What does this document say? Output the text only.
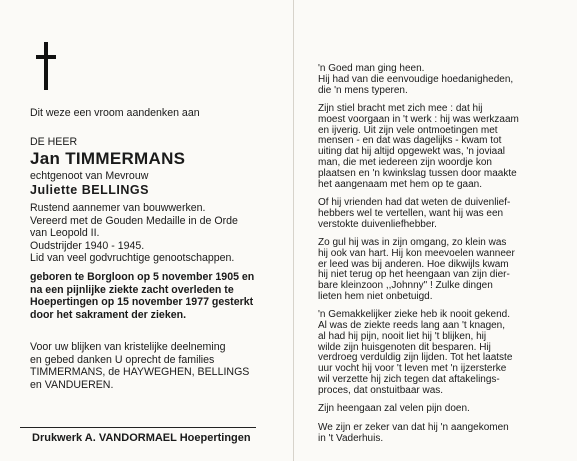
Dit weze een vroom aandenken aan
DE HEER
Jan TIMMERMANS
echtgenoot van Mevrouw
Juliette BELLINGS
Rustend aannemer van bouwwerken.
Vereerd met de Gouden Medaille in de Orde
van Leopold II.
Oudstrijder 1940 - 1945.
Lid van veel godvruchtige genootschappen.
geboren te Borgloon op 5 november 1905 en
na een pijnlijke ziekte zacht overleden te
Hoepertingen op 15 november 1977 gesterkt
door het sakrament der zieken.
Voor uw blijken van kristelijke deelneming
en gebed danken U oprecht de families
TIMMERMANS, de HAYWEGHEN, BELLINGS
en VANDUEREN.
Drukwerk A. VANDORMAEL Hoepertingen
'n Goed man ging heen.
Hij had van die eenvoudige hoedanigheden,
die 'n mens typeren.
Zijn stiel bracht met zich mee : dat hij
moest voorgaan in 't werk : hij was werkzaam
en ijverig. Uit zijn vele ontmoetingen met
mensen - en dat was dagelijks - kwam tot
uiting dat hij altijd opgewekt was, 'n joviaal
man, die met iedereen zijn woordje kon
plaatsen en 'n kwinkslag tussen door maakte
het aangenaam met hem op te gaan.
Of hij vrienden had dat weten de duivenlief-
hebbers wel te vertellen, want hij was een
verstokte duivenliefhebber.
Zo gul hij was in zijn omgang, zo klein was
hij ook van hart. Hij kon meevoelen wanneer
er leed was bij anderen. Hoe dikwijls kwam
hij niet terug op het heengaan van zijn dier-
bare kleinzoon ,,Johnny" ! Zulke dingen
lieten hem niet onbetuigd.
'n Gemakkelijker zieke heb ik nooit gekend.
Al was de ziekte reeds lang aan 't knagen,
al had hij pijn, nooit liet hij 't blijken, hij
wilde zijn huisgenoten dit besparen. Hij
verdroeg verduldig zijn lijden. Tot het laatste
uur vocht hij voor 't leven met 'n ijzersterke
wil verzette hij zich tegen dat aftakelings-
proces, dat onstuitbaar was.
Zijn heengaan zal velen pijn doen.
We zijn er zeker van dat hij 'n aangekomen
in 't Vaderhuis.
